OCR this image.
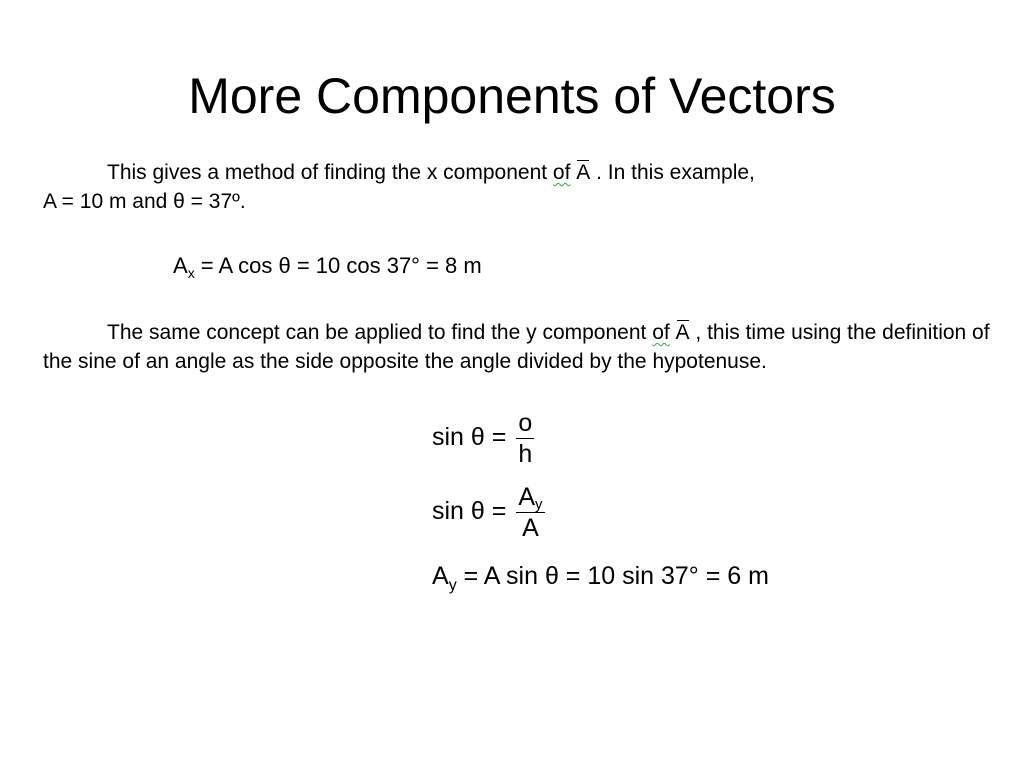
More Components of Vectors
This gives a method of finding the x component of A . In this example,
A = 10 m and θ = 37º.
$A_x = A$ cos θ = 10 cos 37° = 8 m
The same concept can be applied to find the y component of A , this time using the definition of the sine of an angle as the side opposite the angle divided by the hypotenuse.
$\sin \theta = \frac{o}{h}$
$\sin \theta = \frac{A_y}{A}$
$A_y = A$ sin θ = 10 sin 37° = 6 m
